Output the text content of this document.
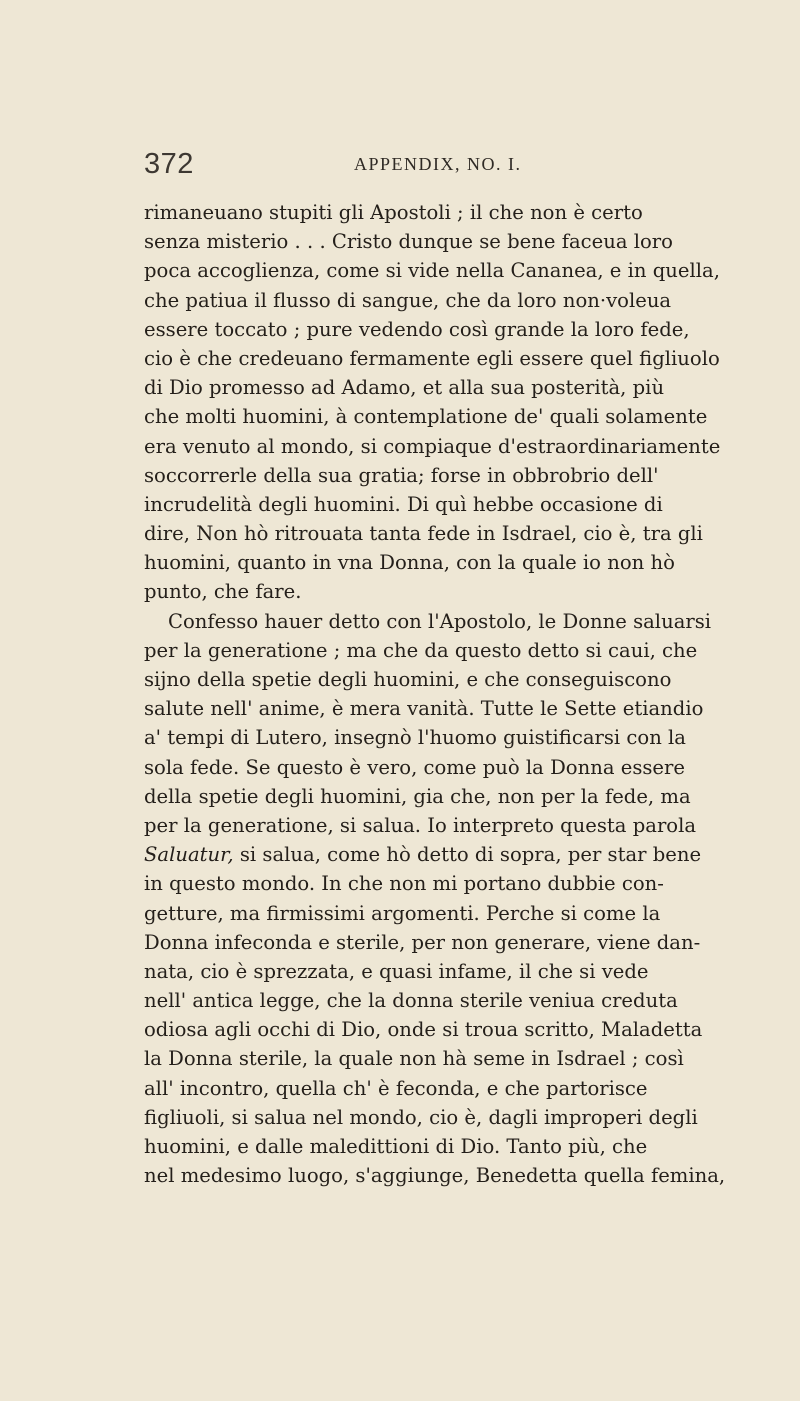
372	APPENDIX, NO. I.
rimaneuano stupiti gli Apostoli ; il che non è certo
senza misterio . . . Cristo dunque se bene faceua loro
poca accoglienza, come si vide nella Cananea, e in quella,
che patiua il flusso di sangue, che da loro non·voleua
essere toccato ; pure vedendo così grande la loro fede,
cio è che credeuano fermamente egli essere quel figliuolo
di Dio promesso ad Adamo, et alla sua posterità, più
che molti huomini, à contemplatione de' quali solamente
era venuto al mondo, si compiaque d'estraordinariamente
soccorrerle della sua gratia; forse in obbrobrio dell'
incrudelità degli huomini. Di quì hebbe occasione di
dire, Non hò ritrouata tanta fede in Isdrael, cio è, tra gli
huomini, quanto in vna Donna, con la quale io non hò
punto, che fare.
Confesso hauer detto con l'Apostolo, le Donne saluarsi
per la generatione ; ma che da questo detto si caui, che
sijno della spetie degli huomini, e che conseguiscono
salute nell' anime, è mera vanità. Tutte le Sette etiandio
a' tempi di Lutero, insegnò l'huomo guistificarsi con la
sola fede. Se questo è vero, come può la Donna essere
della spetie degli huomini, gia che, non per la fede, ma
per la generatione, si salua. Io interpreto questa parola
Saluatur, si salua, come hò detto di sopra, per star bene
in questo mondo. In che non mi portano dubbie con-
getture, ma firmissimi argomenti. Perche si come la
Donna infeconda e sterile, per non generare, viene dan-
nata, cio è sprezzata, e quasi infame, il che si vede
nell' antica legge, che la donna sterile veniua creduta
odiosa agli occhi di Dio, onde si troua scritto, Maladetta
la Donna sterile, la quale non hà seme in Isdrael ; così
all' incontro, quella ch' è feconda, e che partorisce
figliuoli, si salua nel mondo, cio è, dagli improperi degli
huomini, e dalle maledittioni di Dio. Tanto più, che
nel medesimo luogo, s'aggiunge, Benedetta quella femina,
